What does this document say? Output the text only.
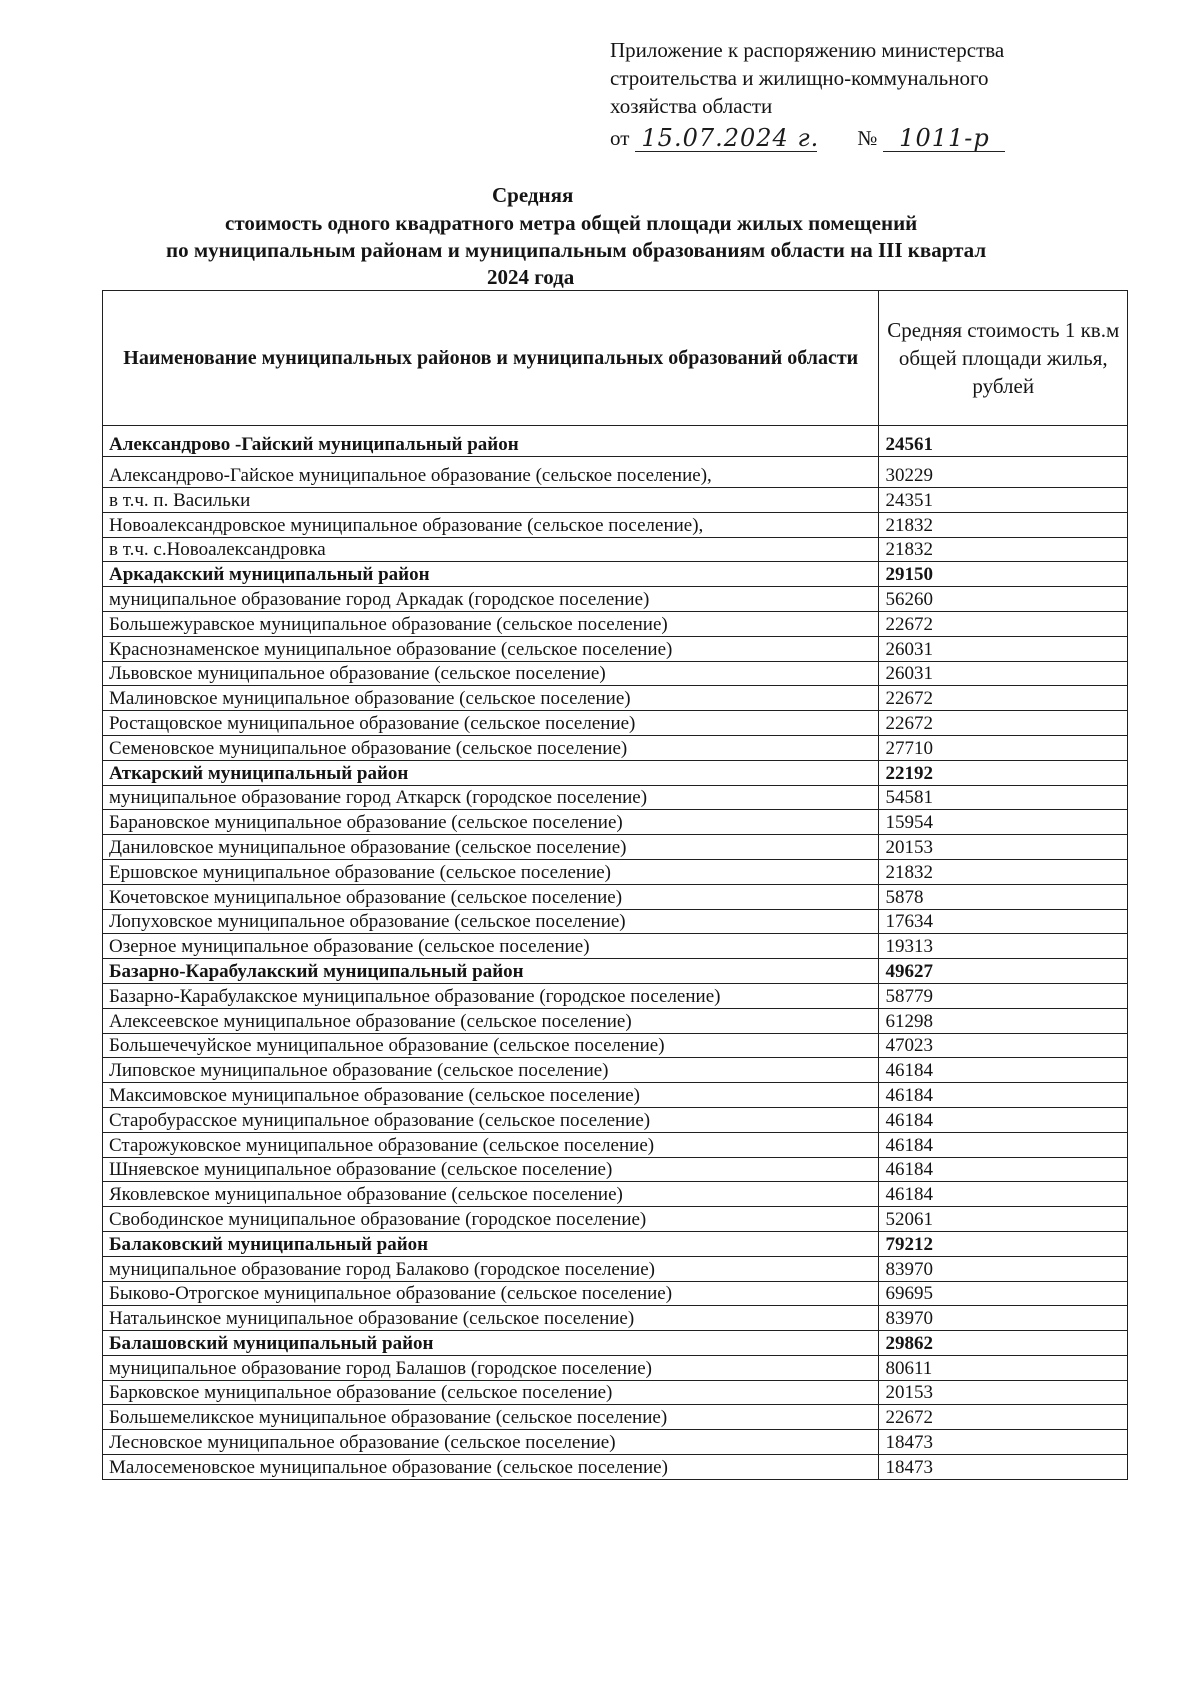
Приложение к распоряжению министерства
строительства и жилищно-коммунального
хозяйства области
от 15.07.2024 г. № 1011-р
Средняя
стоимость одного квадратного метра общей площади жилых помещений
по муниципальным районам и муниципальным образованиям области на III квартал
2024 года
Наименование муниципальных районов и муниципальных образований области	Средняя стоимость 1 кв.м общей площади жилья, рублей
Александрово -Гайский муниципальный район	24561
Александрово-Гайское муниципальное образование (сельское поселение),	30229
в т.ч. п. Васильки	24351
Новоалександровское муниципальное образование (сельское поселение),	21832
в т.ч. с.Новоалександровка	21832
Аркадакский муниципальный район	29150
муниципальное образование город Аркадак (городское поселение)	56260
Большежуравское муниципальное образование (сельское поселение)	22672
Краснознаменское муниципальное образование (сельское поселение)	26031
Львовское муниципальное образование (сельское поселение)	26031
Малиновское муниципальное образование (сельское поселение)	22672
Ростащовское муниципальное образование (сельское поселение)	22672
Семеновское муниципальное образование (сельское поселение)	27710
Аткарский муниципальный район	22192
муниципальное образование город Аткарск (городское поселение)	54581
Барановское муниципальное образование (сельское поселение)	15954
Даниловское муниципальное образование (сельское поселение)	20153
Ершовское муниципальное образование (сельское поселение)	21832
Кочетовское муниципальное образование (сельское поселение)	5878
Лопуховское муниципальное образование (сельское поселение)	17634
Озерное муниципальное образование (сельское поселение)	19313
Базарно-Карабулакский муниципальный район	49627
Базарно-Карабулакское муниципальное образование (городское поселение)	58779
Алексеевское муниципальное образование (сельское поселение)	61298
Большечечуйское муниципальное образование (сельское поселение)	47023
Липовское муниципальное образование (сельское поселение)	46184
Максимовское муниципальное образование (сельское поселение)	46184
Старобурасское муниципальное образование (сельское поселение)	46184
Старожуковское муниципальное образование (сельское поселение)	46184
Шняевское муниципальное образование (сельское поселение)	46184
Яковлевское муниципальное образование (сельское поселение)	46184
Свободинское муниципальное образование (городское поселение)	52061
Балаковский муниципальный район	79212
муниципальное образование город Балаково (городское поселение)	83970
Быково-Отрогское муниципальное образование (сельское поселение)	69695
Натальинское муниципальное образование (сельское поселение)	83970
Балашовский муниципальный район	29862
муниципальное образование город Балашов (городское поселение)	80611
Барковское муниципальное образование (сельское поселение)	20153
Большемеликское муниципальное образование (сельское поселение)	22672
Лесновское муниципальное образование (сельское поселение)	18473
Малосеменовское муниципальное образование (сельское поселение)	18473
